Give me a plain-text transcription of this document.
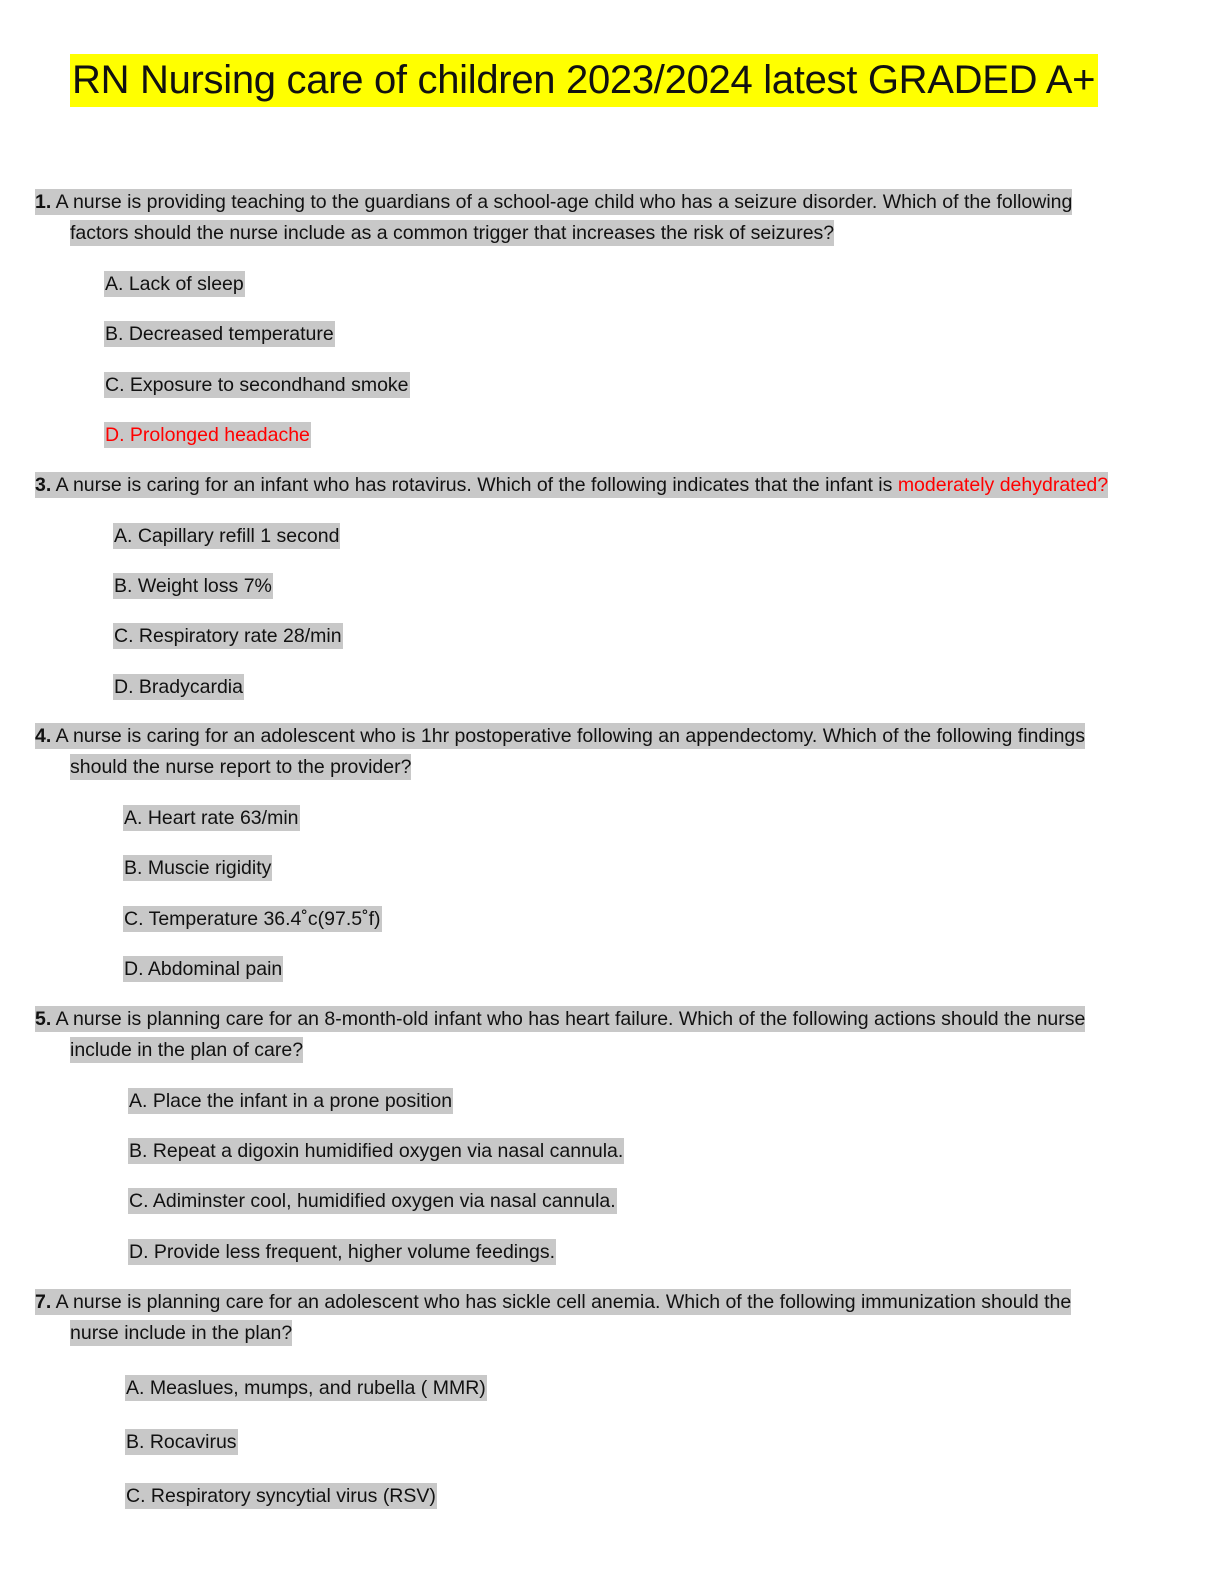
RN Nursing care of children 2023/2024 latest GRADED A+
1. A nurse is providing teaching to the guardians of a school-age child who has a seizure disorder. Which of the following
factors should the nurse include as a common trigger that increases the risk of seizures?
A. Lack of sleep
B. Decreased temperature
C. Exposure to secondhand smoke
D. Prolonged headache
3. A nurse is caring for an infant who has rotavirus. Which of the following indicates that the infant is moderately dehydrated?
A. Capillary refill 1 second
B. Weight loss 7%
C. Respiratory rate 28/min
D. Bradycardia
4. A nurse is caring for an adolescent who is 1hr postoperative following an appendectomy. Which of the following findings
should the nurse report to the provider?
A. Heart rate 63/min
B. Muscie rigidity
C. Temperature 36.4˚c(97.5˚f)
D. Abdominal pain
5. A nurse is planning care for an 8-month-old infant who has heart failure. Which of the following actions should the nurse
include in the plan of care?
A. Place the infant in a prone position
B. Repeat a digoxin humidified oxygen via nasal cannula.
C. Adiminster cool, humidified oxygen via nasal cannula.
D. Provide less frequent, higher volume feedings.
7. A nurse is planning care for an adolescent who has sickle cell anemia. Which of the following immunization should the
nurse include in the plan?
A. Measlues, mumps, and rubella ( MMR)
B. Rocavirus
C. Respiratory syncytial virus (RSV)
